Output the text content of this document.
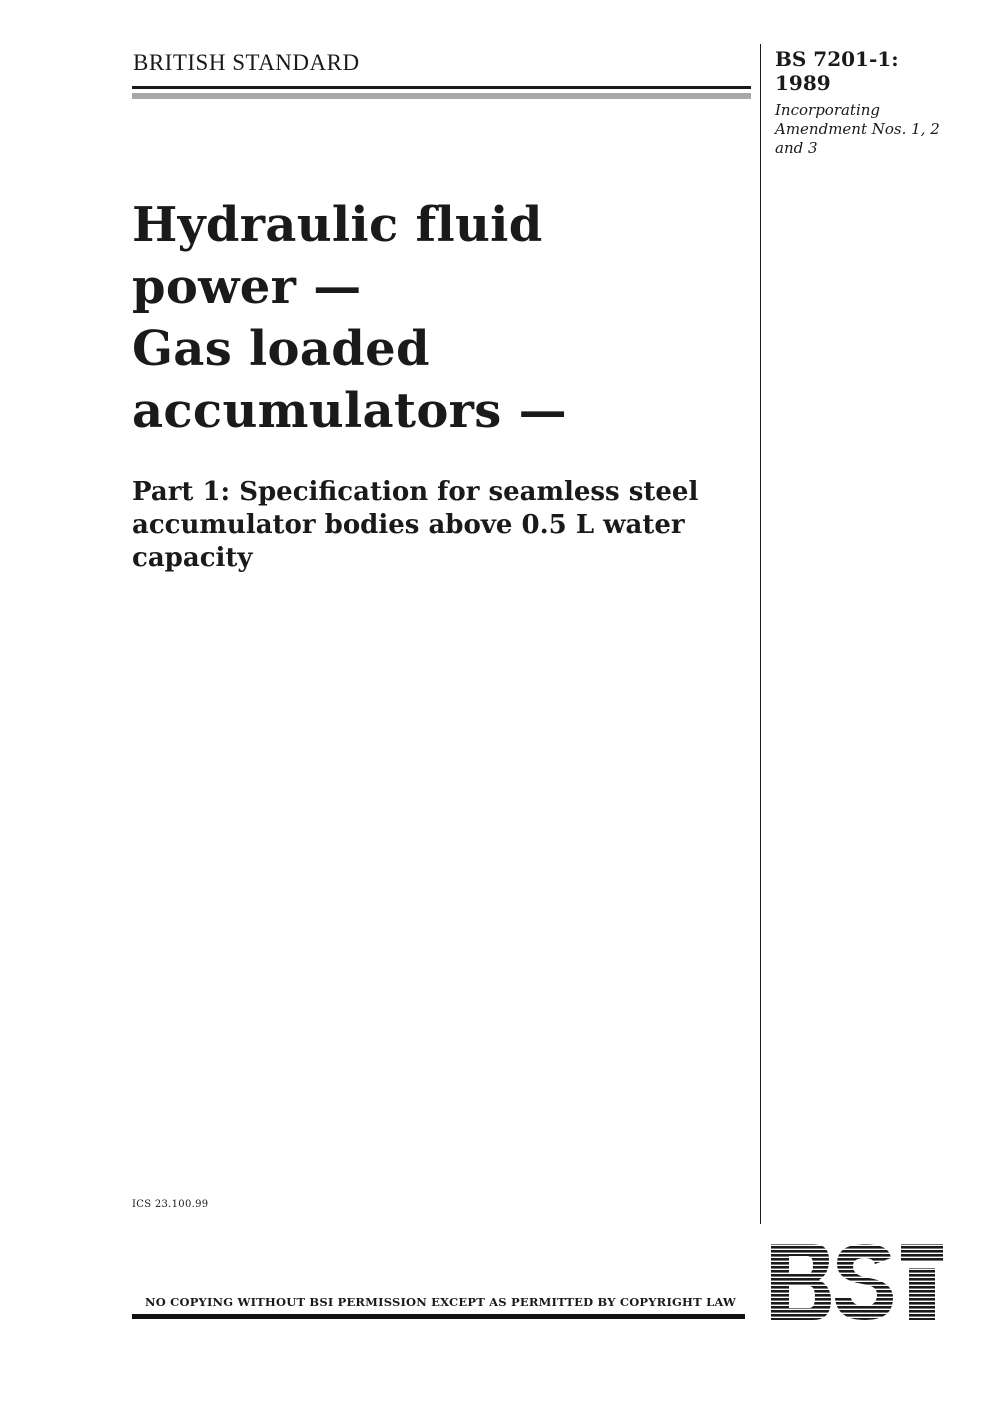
BRITISH STANDARD	BS 7201-1:
1989
Incorporating
Amendment Nos. 1, 2
and 3
Hydraulic fluid
power —
Gas loaded
accumulators —
Part 1: Specification for seamless steel accumulator bodies above 0.5 L water capacity
ICS 23.100.99
NO COPYING WITHOUT BSI PERMISSION EXCEPT AS PERMITTED BY COPYRIGHT LAW
